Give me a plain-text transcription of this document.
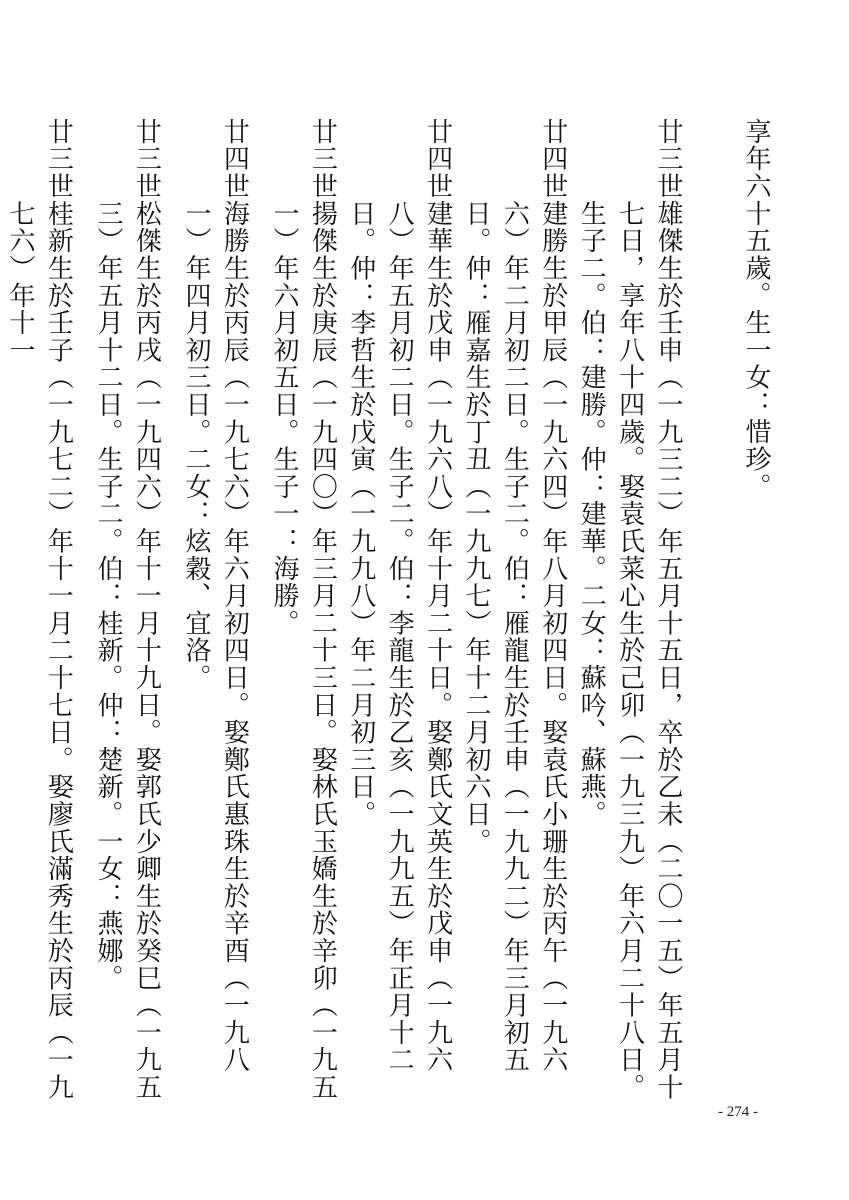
享年六十五歲。生一女：惜珍。
廿三世
雄傑生於壬申（一九三二）年五月十五日，卒於乙未（二〇一五）年五月十七日，享年八十四歲。娶袁氏菜心生於己卯（一九三九）年六月二十八日。生子二。伯：建勝。仲：建華。二女：蘇吟、蘇燕。
廿四世
建勝生於甲辰（一九六四）年八月初四日。娶袁氏小珊生於丙午（一九六六）年二月初二日。生子二。伯：雁龍生於壬申（一九九二）年三月初五日。仲：雁嘉生於丁丑（一九九七）年十二月初六日。
廿四世
建華生於戊申（一九六八）年十月二十日。娶鄭氏文英生於戊申（一九六八）年五月初二日。生子二。伯：李龍生於乙亥（一九九五）年正月十二日。仲：李哲生於戊寅（一九九八）年二月初三日。
廿三世
揚傑生於庚辰（一九四〇）年三月二十三日。娶林氏玉嬌生於辛卯（一九五一）年六月初五日。生子一：海勝。
廿四世
海勝生於丙辰（一九七六）年六月初四日。娶鄭氏惠珠生於辛酉（一九八一）年四月初三日。二女：炫穀、宜洛。
廿三世
松傑生於丙戌（一九四六）年十一月十九日。娶郭氏少卿生於癸巳（一九五三）年五月十二日。生子二。伯：桂新。仲：楚新。一女：燕娜。
廿三世
桂新生於壬子（一九七二）年十一月二十七日。娶廖氏滿秀生於丙辰（一九七六）年十一
- 274 -
